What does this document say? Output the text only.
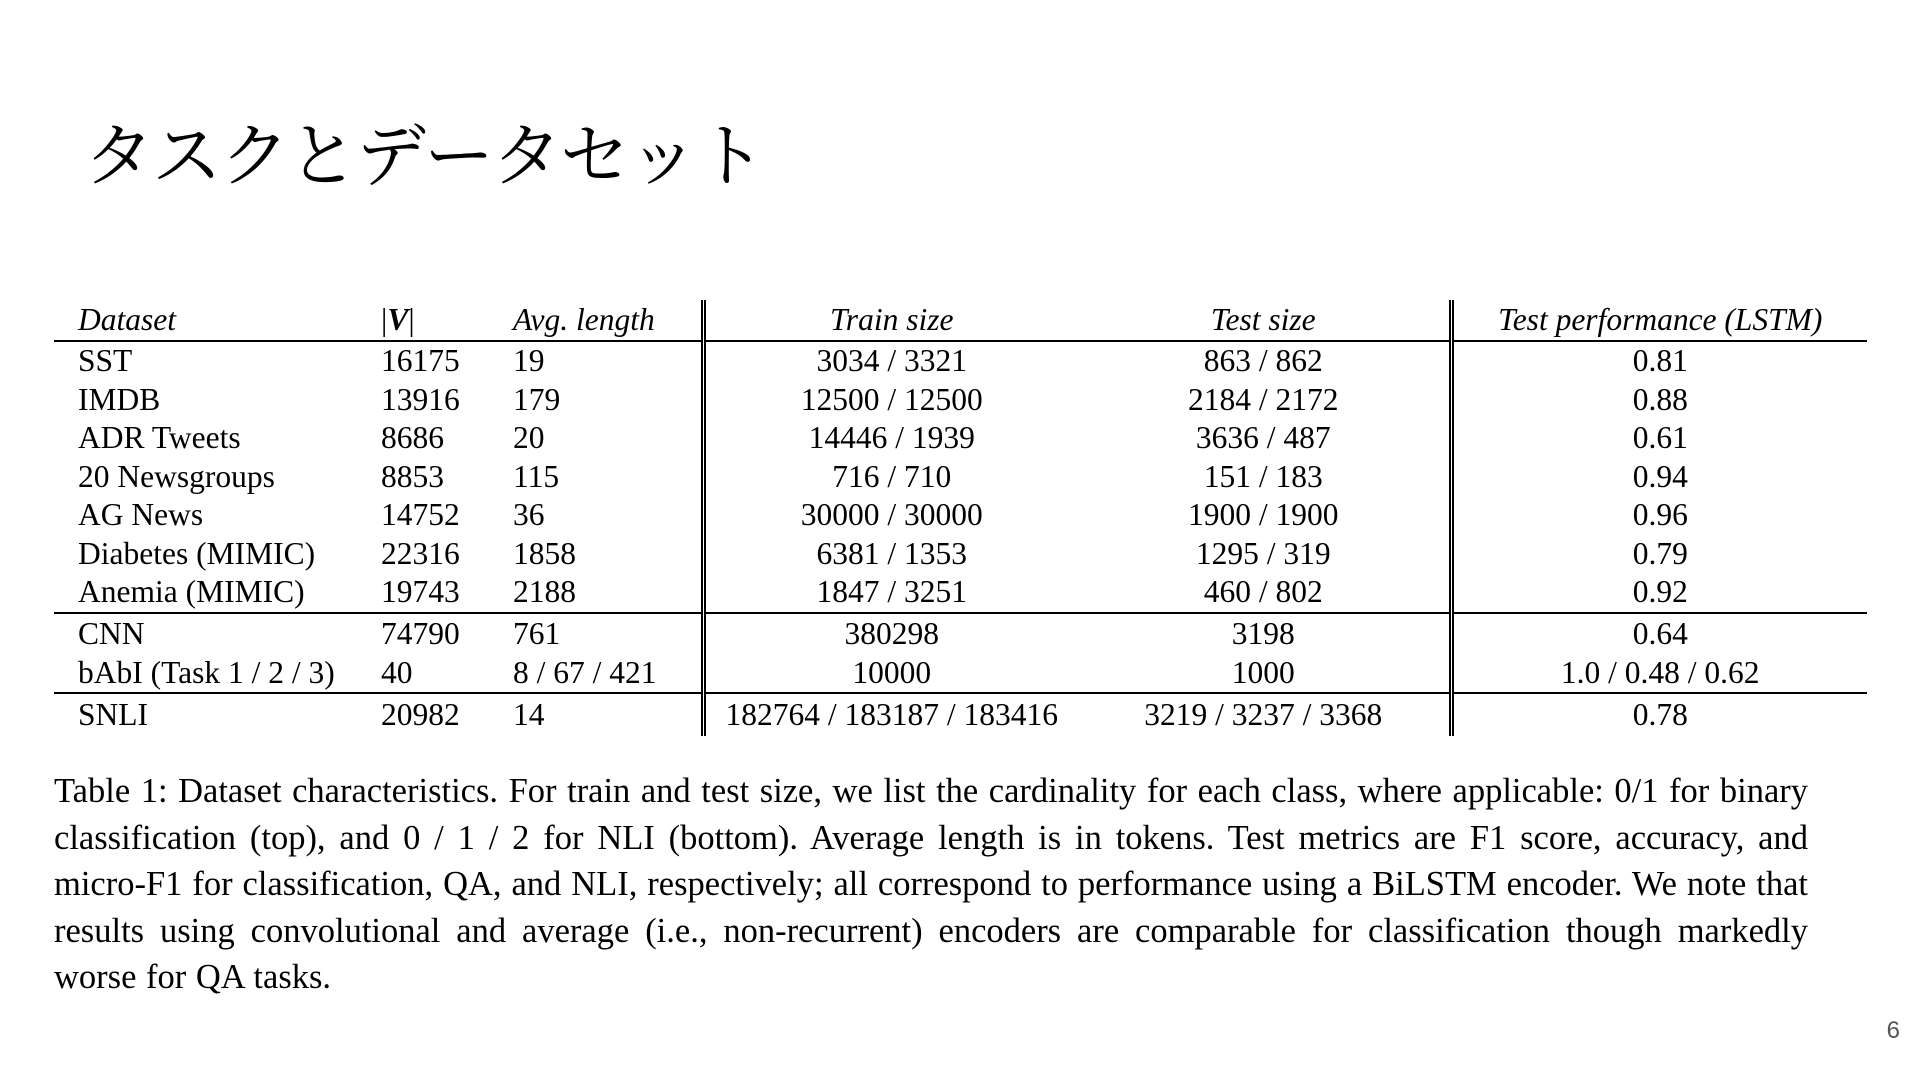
タスクとデータセット
Dataset	|V|	Avg. length	Train size	Test size	Test performance (LSTM)
SST	16175	19	3034 / 3321	863 / 862	0.81
IMDB	13916	179	12500 / 12500	2184 / 2172	0.88
ADR Tweets	8686	20	14446 / 1939	3636 / 487	0.61
20 Newsgroups	8853	115	716 / 710	151 / 183	0.94
AG News	14752	36	30000 / 30000	1900 / 1900	0.96
Diabetes (MIMIC)	22316	1858	6381 / 1353	1295 / 319	0.79
Anemia (MIMIC)	19743	2188	1847 / 3251	460 / 802	0.92
CNN	74790	761	380298	3198	0.64
bAbI (Task 1 / 2 / 3)	40	8 / 67 / 421	10000	1000	1.0 / 0.48 / 0.62
SNLI	20982	14	182764 / 183187 / 183416	3219 / 3237 / 3368	0.78

Table 1: Dataset characteristics. For train and test size, we list the cardinality for each class, where applicable: 0/1 for binary classification (top), and 0 / 1 / 2 for NLI (bottom). Average length is in tokens. Test metrics are F1 score, accuracy, and micro-F1 for classification, QA, and NLI, respectively; all correspond to performance using a BiLSTM encoder. We note that results using convolutional and average (i.e., non-recurrent) encoders are comparable for classification though markedly worse for QA tasks.

6
